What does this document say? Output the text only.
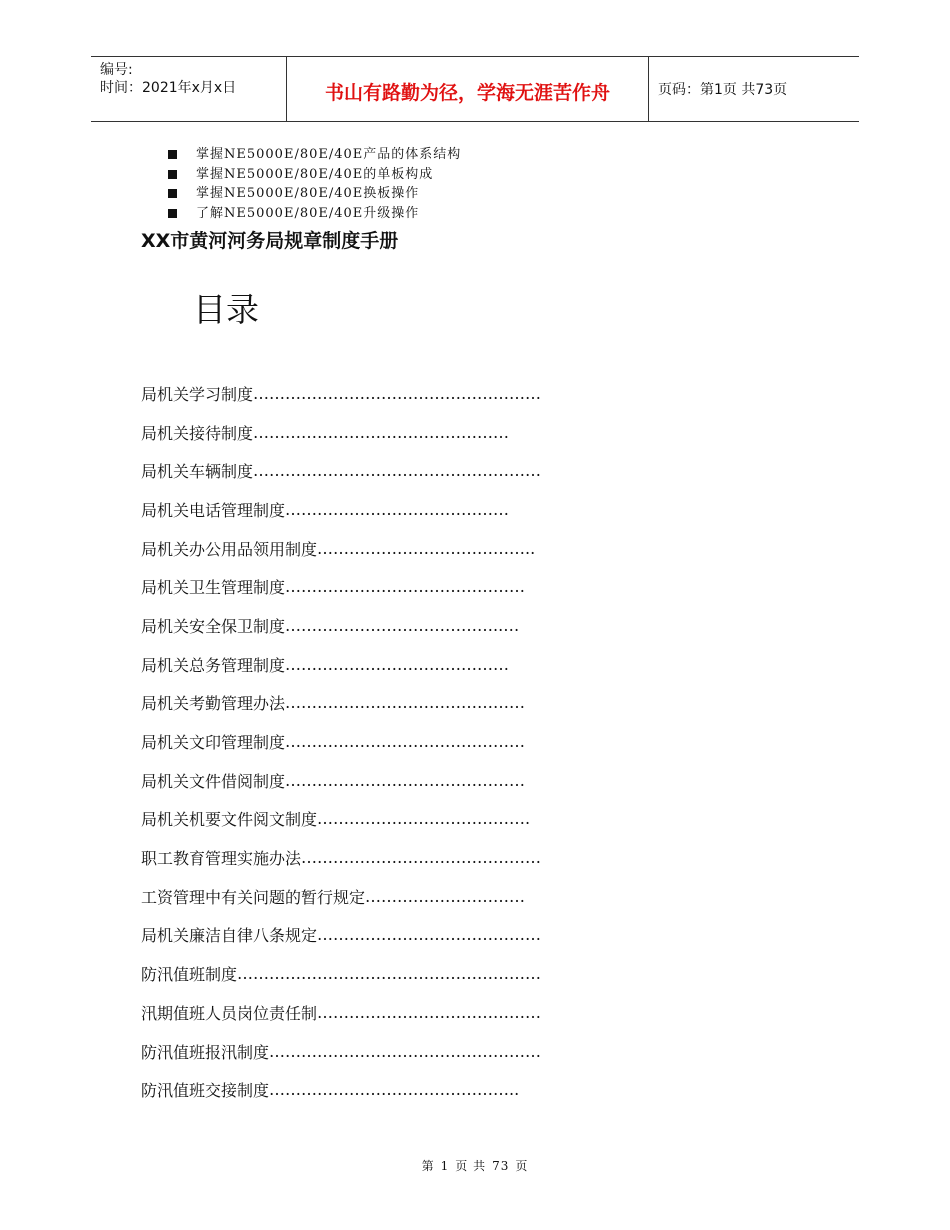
编号:
时间：2021年x月x日	书山有路勤为径，学海无涯苦作舟	页码：第1页 共73页
掌握NE5000E/80E/40E产品的体系结构
掌握NE5000E/80E/40E的单板构成
掌握NE5000E/80E/40E换板操作
了解NE5000E/80E/40E升级操作
XX市黄河河务局规章制度手册
目录
局机关学习制度 ………………………………………………
局机关接待制度 …………………………………………
局机关车辆制度 ………………………………………………
局机关电话管理制度 ……………………………………
局机关办公用品领用制度 …………………………………..
局机关卫生管理制度 ………………………………………
局机关安全保卫制度 …………………………………..…
局机关总务管理制度 ……………………………………
局机关考勤管理办法 ………………………………………
局机关文印管理制度 ………………………………………
局机关文件借阅制度 ………………………………………
局机关机要文件阅文制度 ………………………………….
职工教育管理实施办法 ………………………………………
工资管理中有关问题的暂行规定 …………………………
局机关廉洁自律八条规定 ……………………………………
防汛值班制度 …………………………………………………
汛期值班人员岗位责任制 ……………………………………
防汛值班报汛制度 ……………………………………………
防汛值班交接制度 ………………………………………..
第 1 页 共 73 页
